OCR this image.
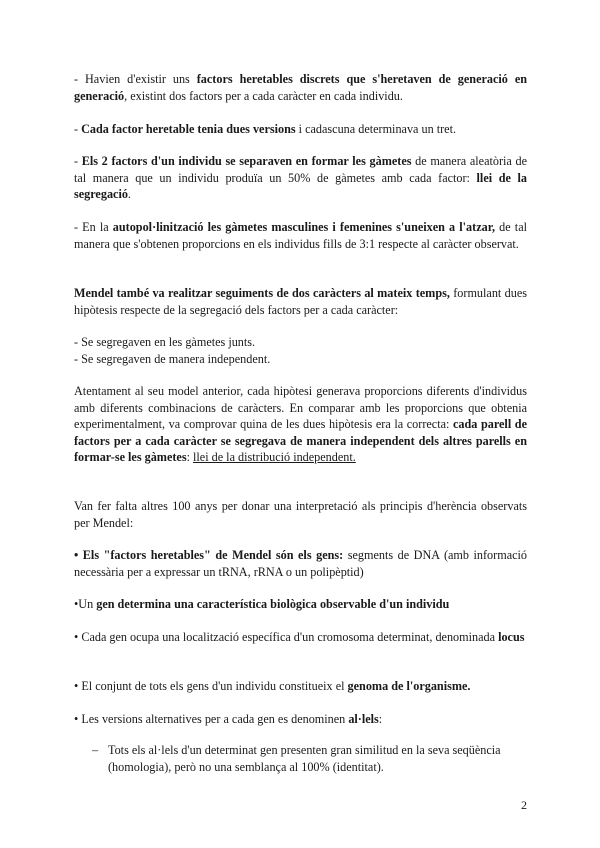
- Havien d'existir uns factors heretables discrets que s'heretaven de generació en generació, existint dos factors per a cada caràcter en cada individu.

- Cada factor heretable tenia dues versions i cadascuna determinava un tret.

- Els 2 factors d'un individu se separaven en formar les gàmetes de manera aleatòria de tal manera que un individu produïa un 50% de gàmetes amb cada factor: llei de la segregació.

- En la autopol·linització les gàmetes masculines i femenines s'uneixen a l'atzar, de tal manera que s'obtenen proporcions en els individus fills de 3:1 respecte al caràcter observat.

Mendel també va realitzar seguiments de dos caràcters al mateix temps, formulant dues hipòtesis respecte de la segregació dels factors per a cada caràcter:

- Se segregaven en les gàmetes junts.
- Se segregaven de manera independent.

Atentament al seu model anterior, cada hipòtesi generava proporcions diferents d'individus amb diferents combinacions de caràcters. En comparar amb les proporcions que obtenia experimentalment, va comprovar quina de les dues hipòtesis era la correcta: cada parell de factors per a cada caràcter se segregava de manera independent dels altres parells en formar-se les gàmetes: llei de la distribució independent.

Van fer falta altres 100 anys per donar una interpretació als principis d'herència observats per Mendel:

• Els "factors heretables" de Mendel són els gens: segments de DNA (amb informació necessària per a expressar un tRNA, rRNA o un polipèptid)

•Un gen determina una característica biològica observable d'un individu

• Cada gen ocupa una localització específica d'un cromosoma determinat, denominada locus

• El conjunt de tots els gens d'un individu constitueix el genoma de l'organisme.

• Les versions alternatives per a cada gen es denominen al·lels:

– Tots els al·lels d'un determinat gen presenten gran similitud en la seva seqüència (homologia), però no una semblança al 100% (identitat).

2
